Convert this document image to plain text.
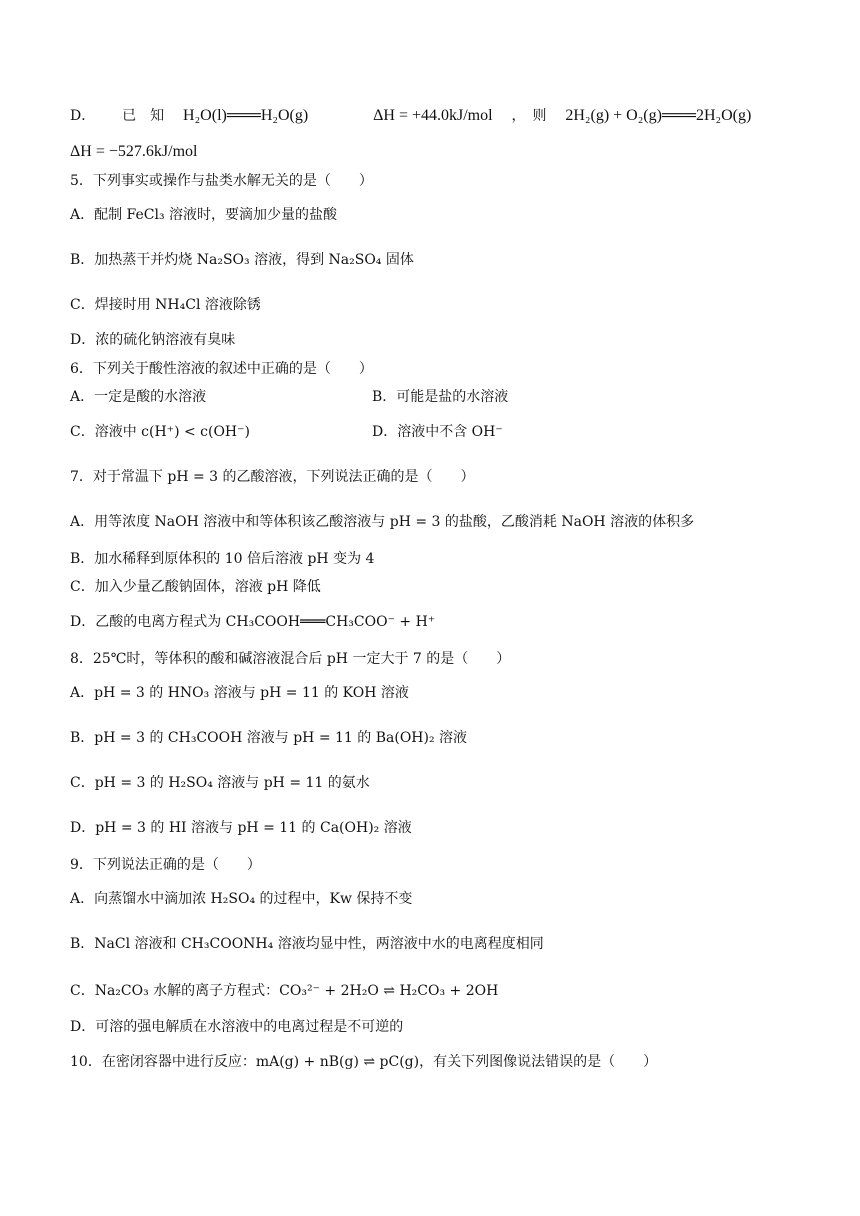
D． 已　知 H₂O(l)═══H₂O(g)	ΔH = +44.0kJ/mol ，　则 2H₂(g) + O₂(g)═══2H₂O(g)
ΔH = −527.6kJ/mol
5．下列事实或操作与盐类水解无关的是（　　）
A．配制 FeCl₃ 溶液时，要滴加少量的盐酸
B．加热蒸干并灼烧 Na₂SO₃ 溶液，得到 Na₂SO₄ 固体
C．焊接时用 NH₄Cl 溶液除锈
D．浓的硫化钠溶液有臭味
6．下列关于酸性溶液的叙述中正确的是（　　）
A．一定是酸的水溶液	B．可能是盐的水溶液
C．溶液中 c(H⁺) < c(OH⁻)	D．溶液中不含 OH⁻
7．对于常温下 pH = 3 的乙酸溶液，下列说法正确的是（　　）
A．用等浓度 NaOH 溶液中和等体积该乙酸溶液与 pH = 3 的盐酸，乙酸消耗 NaOH 溶液的体积多
B．加水稀释到原体积的 10 倍后溶液 pH 变为 4
C．加入少量乙酸钠固体，溶液 pH 降低
D．乙酸的电离方程式为 CH₃COOH═══CH₃COO⁻ + H⁺
8．25℃时，等体积的酸和碱溶液混合后 pH 一定大于 7 的是（　　）
A．pH = 3 的 HNO₃ 溶液与 pH = 11 的 KOH 溶液
B．pH = 3 的 CH₃COOH 溶液与 pH = 11 的 Ba(OH)₂ 溶液
C．pH = 3 的 H₂SO₄ 溶液与 pH = 11 的氨水
D．pH = 3 的 HI 溶液与 pH = 11 的 Ca(OH)₂ 溶液
9．下列说法正确的是（　　）
A．向蒸馏水中滴加浓 H₂SO₄ 的过程中，Kw 保持不变
B．NaCl 溶液和 CH₃COONH₄ 溶液均显中性，两溶液中水的电离程度相同
C．Na₂CO₃ 水解的离子方程式：CO₃²⁻ + 2H₂O ⇌ H₂CO₃ + 2OH
D．可溶的强电解质在水溶液中的电离过程是不可逆的
10．在密闭容器中进行反应：mA(g) + nB(g) ⇌ pC(g)，有关下列图像说法错误的是（　　）
